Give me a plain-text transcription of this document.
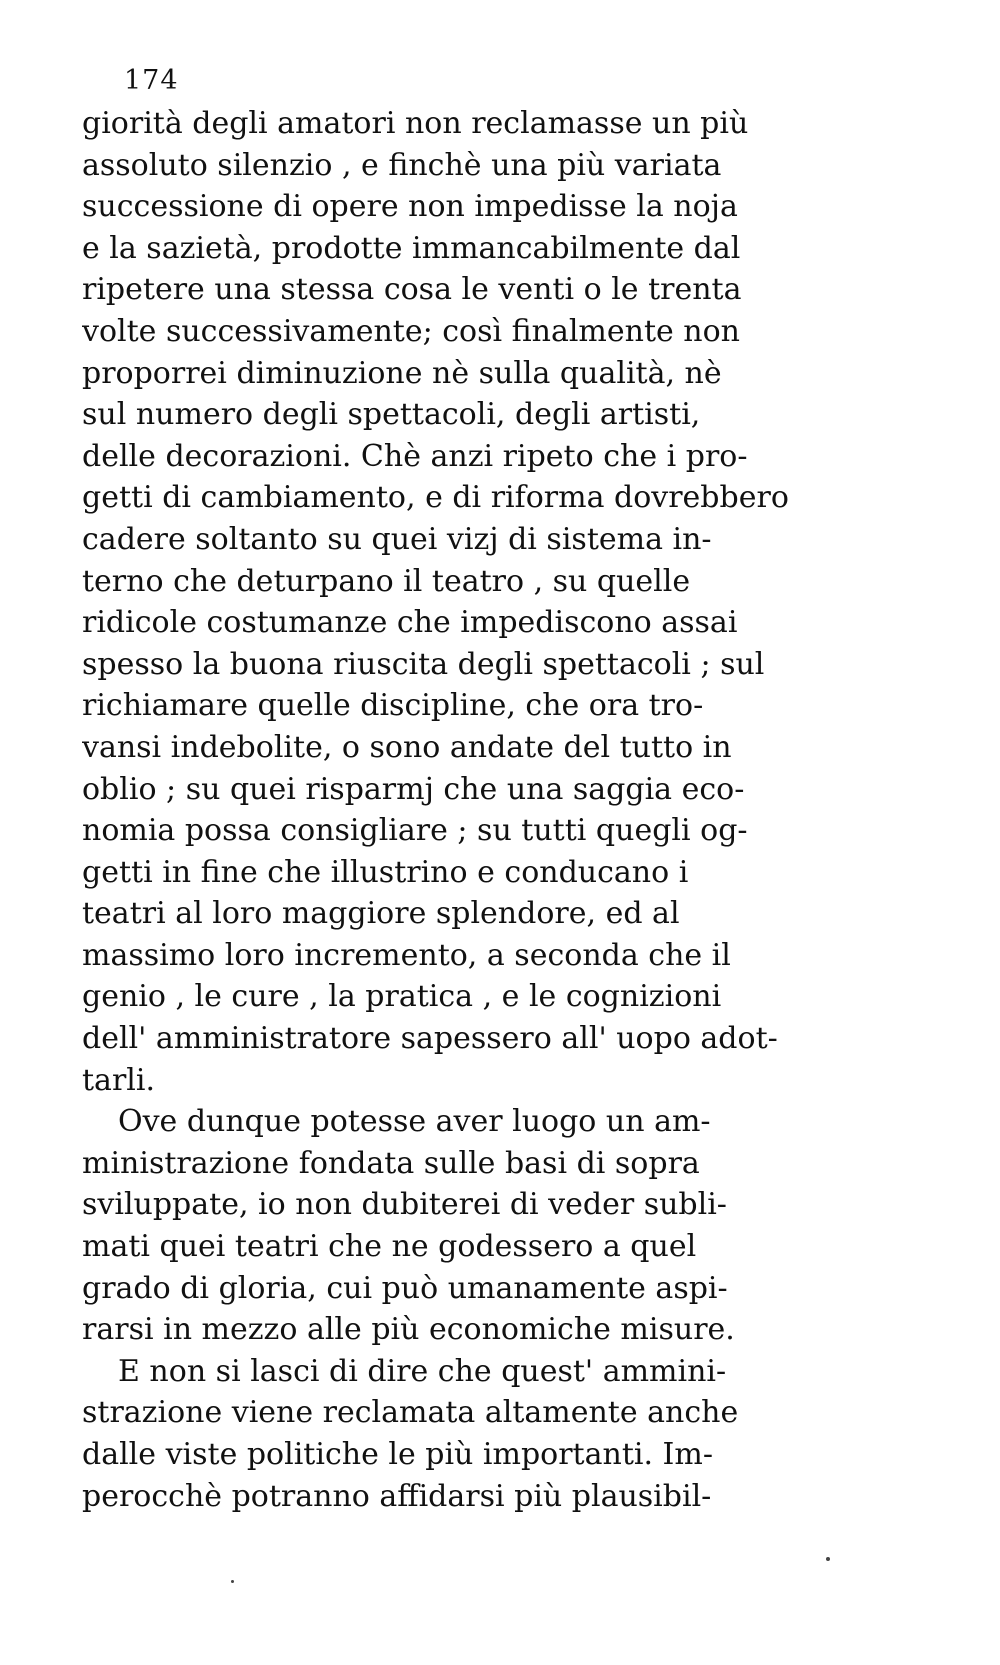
174
giorità degli amatori non reclamasse un più
assoluto silenzio , e finchè una più variata
successione di opere non impedisse la noja
e la sazietà, prodotte immancabilmente dal
ripetere una stessa cosa le venti o le trenta
volte successivamente; così finalmente non
proporrei diminuzione nè sulla qualità, nè
sul numero degli spettacoli, degli artisti,
delle decorazioni. Chè anzi ripeto che i pro-
getti di cambiamento, e di riforma dovrebbero
cadere soltanto su quei vizj di sistema in-
terno che deturpano il teatro , su quelle
ridicole costumanze che impediscono assai
spesso la buona riuscita degli spettacoli ; sul
richiamare quelle discipline, che ora tro-
vansi indebolite, o sono andate del tutto in
oblio ; su quei risparmj che una saggia eco-
nomia possa consigliare ; su tutti quegli og-
getti in fine che illustrino e conducano i
teatri al loro maggiore splendore, ed al
massimo loro incremento, a seconda che il
genio , le cure , la pratica , e le cognizioni
dell' amministratore sapessero all' uopo adot-
tarli.
Ove dunque potesse aver luogo un am-
ministrazione fondata sulle basi di sopra
sviluppate, io non dubiterei di veder subli-
mati quei teatri che ne godessero a quel
grado di gloria, cui può umanamente aspi-
rarsi in mezzo alle più economiche misure.
E non si lasci di dire che quest' ammini-
strazione viene reclamata altamente anche
dalle viste politiche le più importanti. Im-
perocchè potranno affidarsi più plausibil-
